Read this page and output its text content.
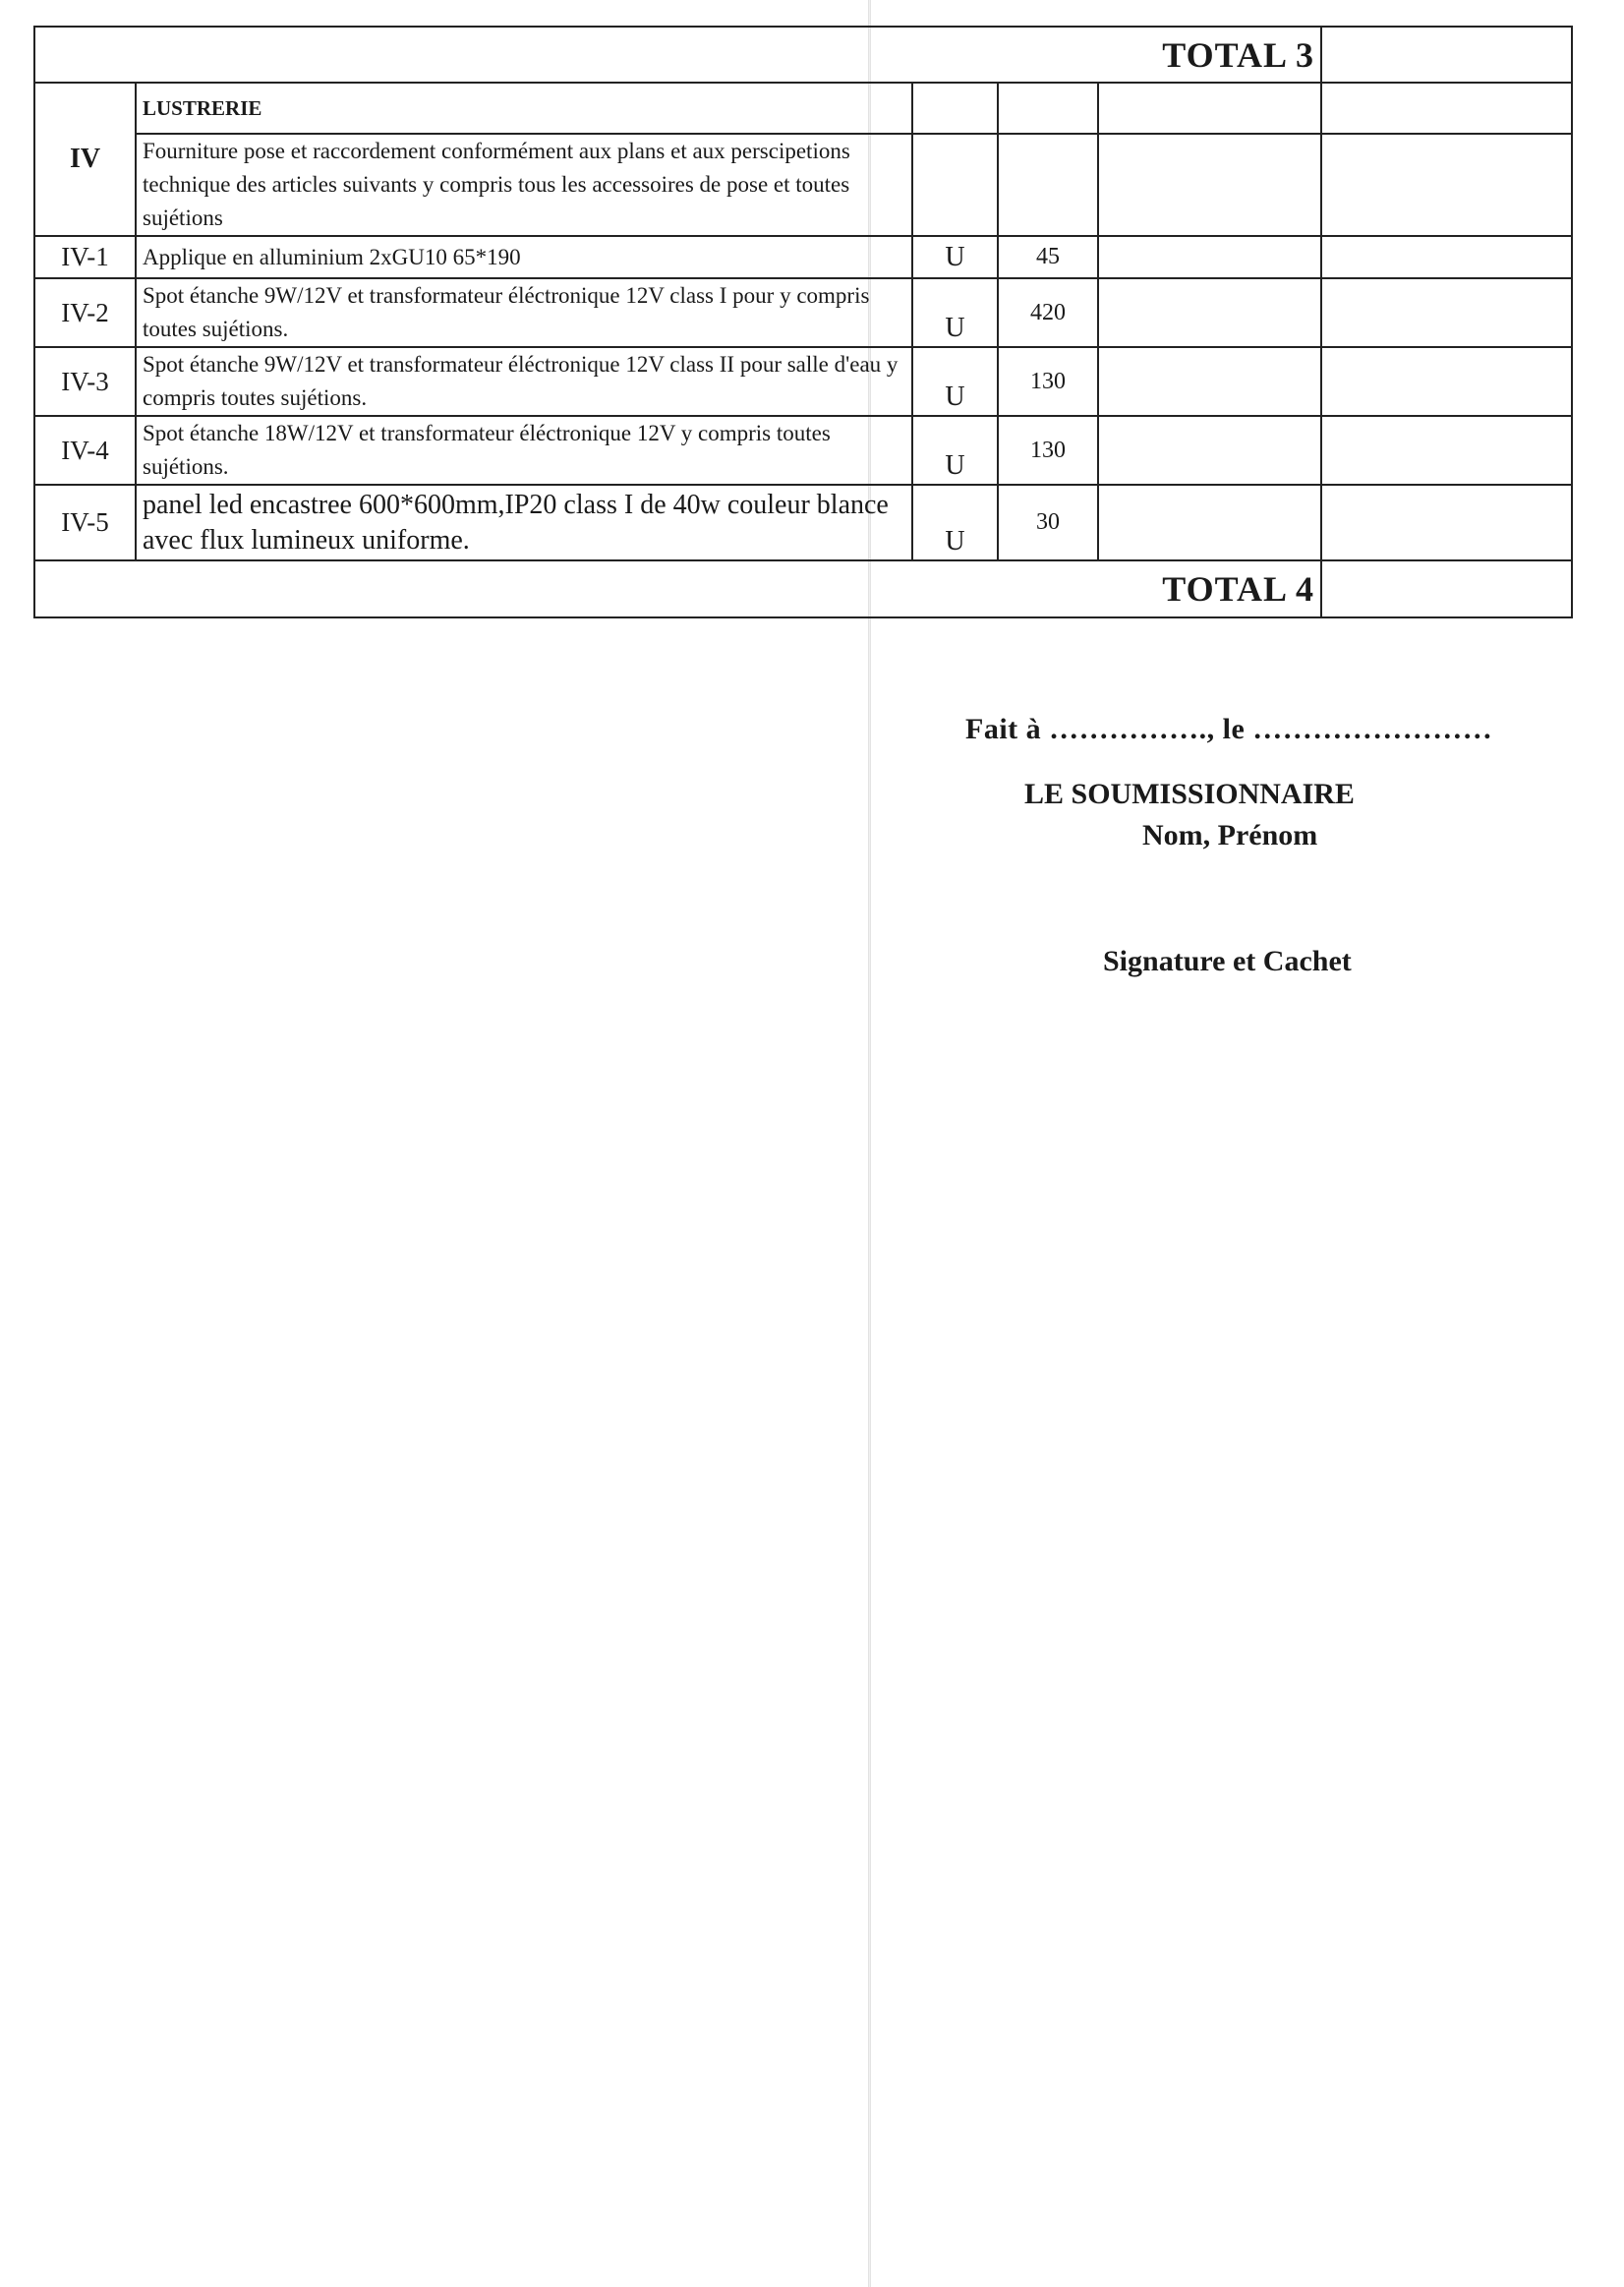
TOTAL 3					
IV	LUSTRERIE				
	Fourniture pose et raccordement conformément aux plans et aux perscipetions technique des articles suivants y compris tous les accessoires de pose et toutes sujétions				
IV-1	Applique en alluminium 2xGU10 65*190	U	45		
IV-2	Spot étanche 9W/12V et transformateur éléctronique 12V class I pour y compris toutes sujétions.	U	420		
IV-3	Spot étanche 9W/12V et transformateur éléctronique 12V class II pour salle d'eau y compris toutes sujétions.	U	130		
IV-4	Spot étanche 18W/12V et transformateur éléctronique 12V y compris toutes sujétions.	U	130		
IV-5	panel led encastree 600*600mm,IP20 class I de 40w couleur blance avec flux lumineux uniforme.	U	30		
TOTAL 4					
Fait à ……………., le ……………………
LE SOUMISSIONNAIRE
Nom, Prénom
Signature et Cachet
